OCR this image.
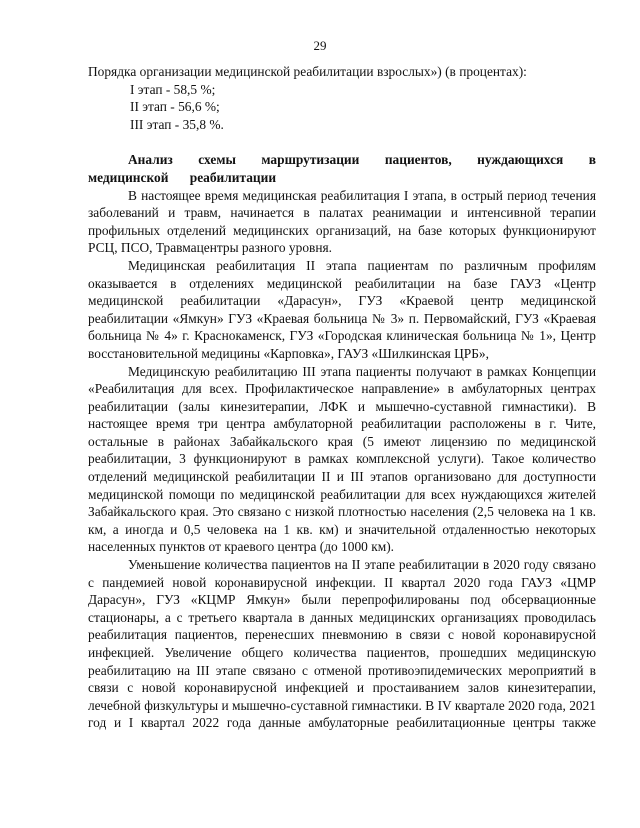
29

Порядка организации медицинской реабилитации взрослых») (в процентах):

I этап - 58,5 %;
II этап - 56,6 %;
III этап - 35,8 %.

Анализ схемы маршрутизации пациентов, нуждающихся в медицинской реабилитации

В настоящее время медицинская реабилитация I этапа, в острый период течения заболеваний и травм, начинается в палатах реанимации и интенсивной терапии профильных отделений медицинских организаций, на базе которых функционируют РСЦ, ПСО, Травмацентры разного уровня.

Медицинская реабилитация II этапа пациентам по различным профилям оказывается в отделениях медицинской реабилитации на базе ГАУЗ «Центр медицинской реабилитации «Дарасун», ГУЗ «Краевой центр медицинской реабилитации «Ямкун» ГУЗ «Краевая больница № 3» п. Первомайский, ГУЗ «Краевая больница № 4» г. Краснокаменск, ГУЗ «Городская клиническая больница № 1», Центр восстановительной медицины «Карповка», ГАУЗ «Шилкинская ЦРБ»,

Медицинскую реабилитацию III этапа пациенты получают в рамках Концепции «Реабилитация для всех. Профилактическое направление» в амбулаторных центрах реабилитации (залы кинезитерапии, ЛФК и мышечно-суставной гимнастики). В настоящее время три центра амбулаторной реабилитации расположены в г. Чите, остальные в районах Забайкальского края (5 имеют лицензию по медицинской реабилитации, 3 функционируют в рамках комплексной услуги). Такое количество отделений медицинской реабилитации II и III этапов организовано для доступности медицинской помощи по медицинской реабилитации для всех нуждающихся жителей Забайкальского края. Это связано с низкой плотностью населения (2,5 человека на 1 кв. км, а иногда и 0,5 человека на 1 кв. км) и значительной отдаленностью некоторых населенных пунктов от краевого центра (до 1000 км).

Уменьшение количества пациентов на II этапе реабилитации в 2020 году связано с пандемией новой коронавирусной инфекции. II квартал 2020 года ГАУЗ «ЦМР Дарасун», ГУЗ «КЦМР Ямкун» были перепрофилированы под обсервационные стационары, а с третьего квартала в данных медицинских организациях проводилась реабилитация пациентов, перенесших пневмонию в связи с новой коронавирусной инфекцией. Увеличение общего количества пациентов, прошедших медицинскую реабилитацию на III этапе связано с отменой противоэпидемических мероприятий в связи с новой коронавирусной инфекцией и простаиванием залов кинезитерапии, лечебной физкультуры и мышечно-суставной гимнастики. В IV квартале 2020 года, 2021 год и I квартал 2022 года данные амбулаторные реабилитационные центры также
